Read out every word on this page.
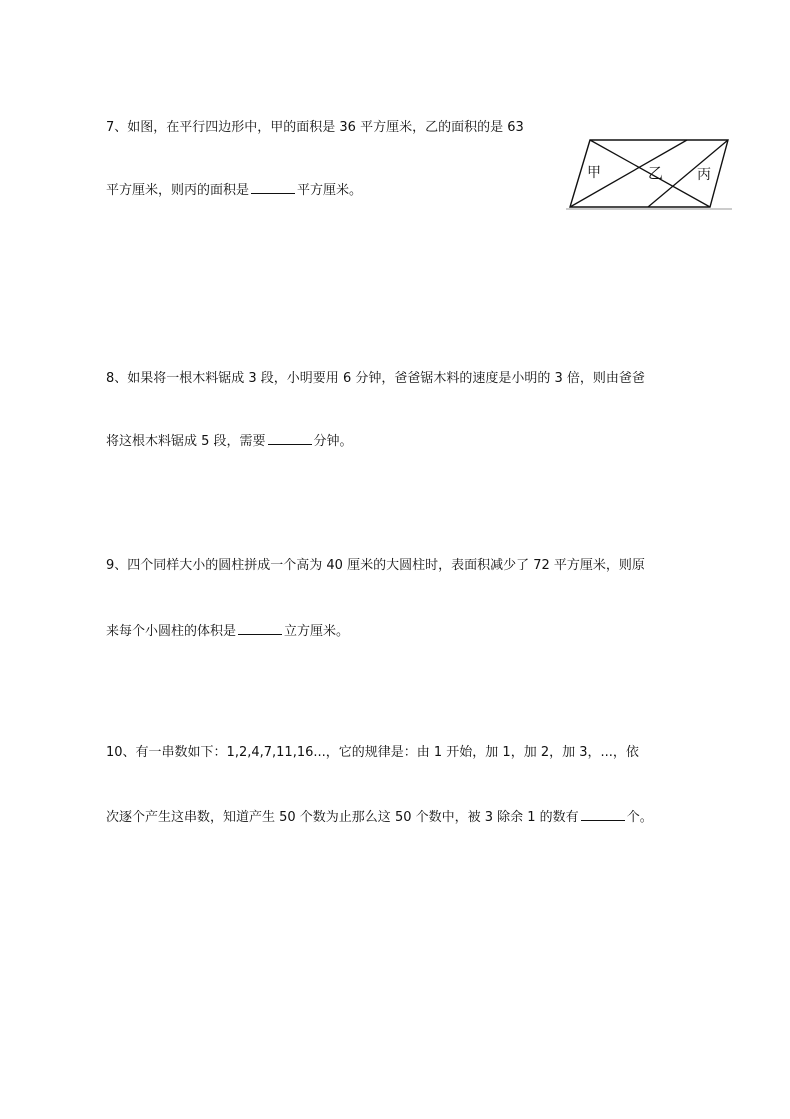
7、如图，在平行四边形中，甲的面积是 36 平方厘米，乙的面积的是 63
平方厘米，则丙的面积是	平方厘米。
甲	乙 丙
8、如果将一根木料锯成 3 段，小明要用 6 分钟，爸爸锯木料的速度是小明的 3 倍，则由爸爸
将这根木料锯成 5 段，需要	分钟。
9、四个同样大小的圆柱拼成一个高为 40 厘米的大圆柱时，表面积减少了 72 平方厘米，则原
来每个小圆柱的体积是	立方厘米。
10、有一串数如下：1,2,4,7,11,16...，它的规律是：由 1 开始，加 1，加 2，加 3，...，依
次逐个产生这串数，知道产生 50 个数为止那么这 50 个数中，被 3 除余 1 的数有	个。
